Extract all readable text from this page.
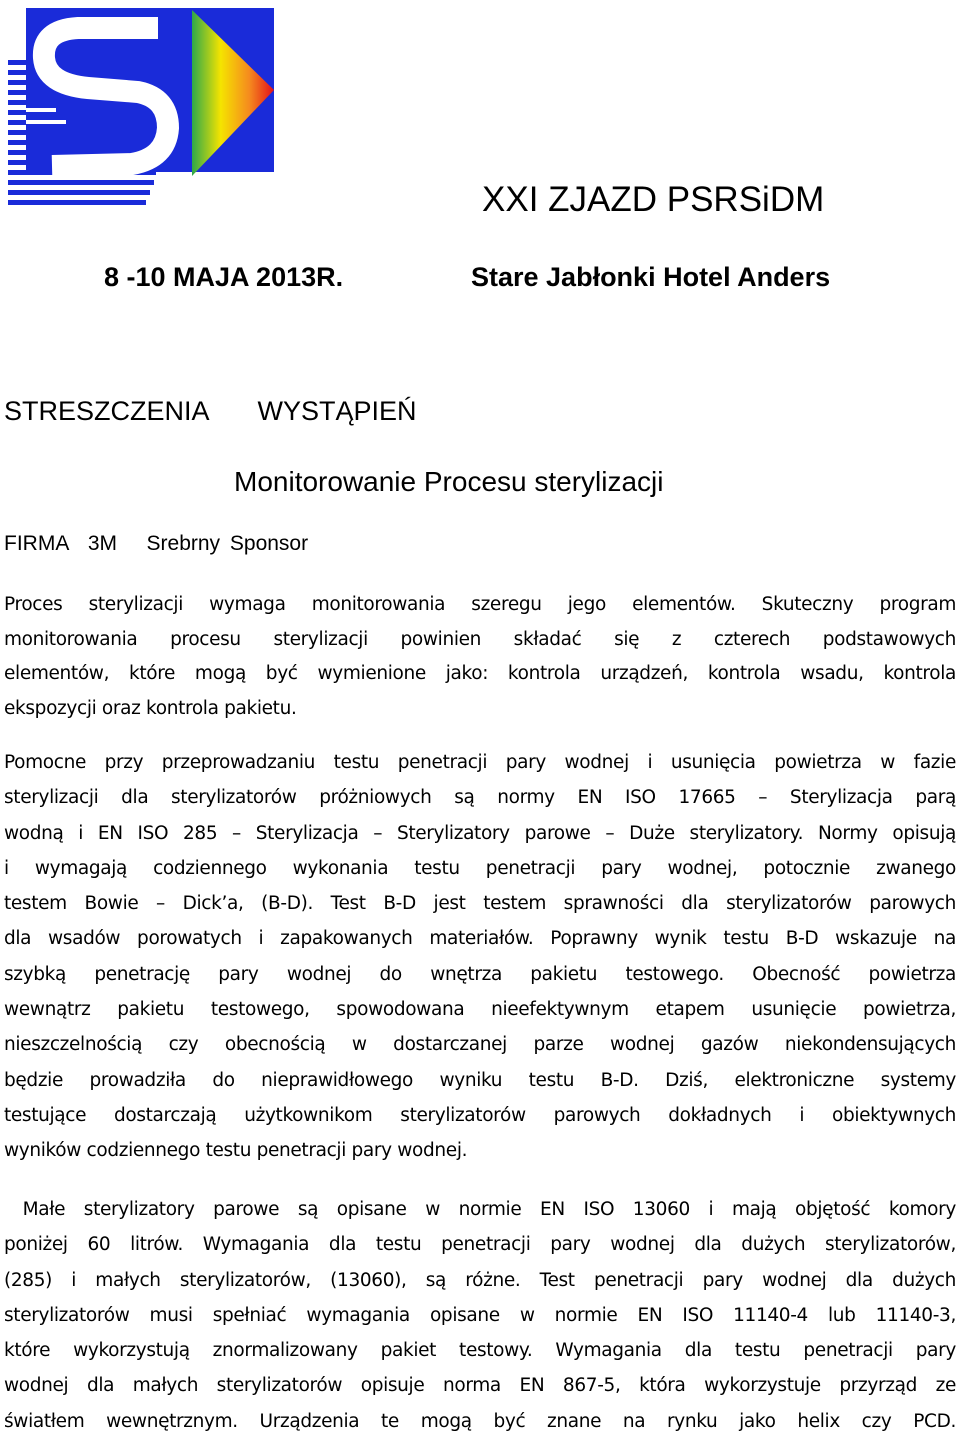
XXI ZJAZD PSRSiDM
8 -10 MAJA 2013R.	Stare Jabłonki Hotel Anders
STRESZCZENIA   WYSTĄPIEŃ
Monitorowanie Procesu sterylizacji
FIRMA  3M   Srebrny Sponsor
Proces sterylizacji wymaga monitorowania szeregu jego elementów. Skuteczny program
monitorowania procesu sterylizacji powinien składać się z czterech podstawowych
elementów, które mogą być wymienione jako: kontrola urządzeń, kontrola wsadu, kontrola
ekspozycji oraz kontrola pakietu.
Pomocne przy przeprowadzaniu testu penetracji pary wodnej i usunięcia powietrza w fazie
sterylizacji dla sterylizatorów próżniowych są normy EN ISO 17665 – Sterylizacja parą
wodną i EN ISO 285 – Sterylizacja – Sterylizatory parowe – Duże sterylizatory. Normy opisują
i wymagają codziennego wykonania testu penetracji pary wodnej, potocznie zwanego
testem Bowie – Dick’a, (B-D). Test B-D jest testem sprawności dla sterylizatorów parowych
dla wsadów porowatych i zapakowanych materiałów. Poprawny wynik testu B-D wskazuje na
szybką penetrację pary wodnej do wnętrza pakietu testowego. Obecność powietrza
wewnątrz pakietu testowego, spowodowana nieefektywnym etapem usunięcie powietrza,
nieszczelnością czy obecnością w dostarczanej parze wodnej gazów niekondensujących
będzie prowadziła do nieprawidłowego wyniku testu B-D. Dziś, elektroniczne systemy
testujące dostarczają użytkownikom sterylizatorów parowych dokładnych i obiektywnych
wyników codziennego testu penetracji pary wodnej.
Małe sterylizatory parowe są opisane w normie EN ISO 13060 i mają objętość komory
poniżej 60 litrów. Wymagania dla testu penetracji pary wodnej dla dużych sterylizatorów,
(285) i małych sterylizatorów, (13060), są różne. Test penetracji pary wodnej dla dużych
sterylizatorów musi spełniać wymagania opisane w normie EN ISO 11140-4 lub 11140-3,
które wykorzystują znormalizowany pakiet testowy. Wymagania dla testu penetracji pary
wodnej dla małych sterylizatorów opisuje norma EN 867-5, która wykorzystuje przyrząd ze
światłem wewnętrznym. Urządzenia te mogą być znane na rynku jako helix czy PCD.
